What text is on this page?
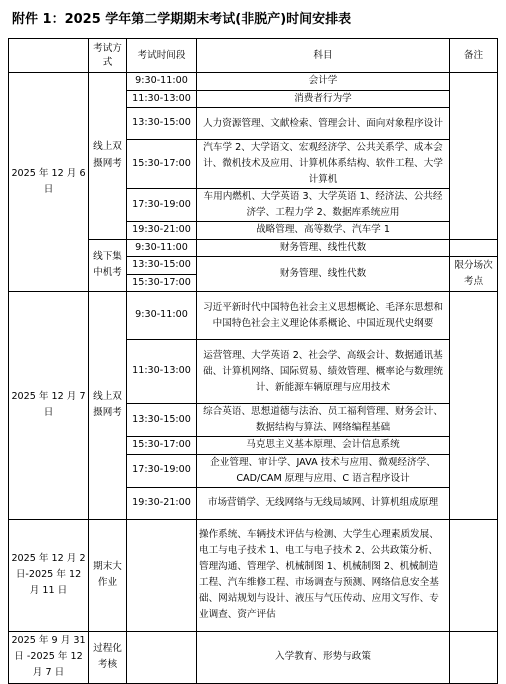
附件 1：2025 学年第二学期期末考试(非脱产)时间安排表
	考试方式	考试时间段	科目	备注
2025 年 12 月 6 日	线上双摄网考	9:30-11:00	会计学	
		11:30-13:00	消费者行为学	
		13:30-15:00	人力资源管理、文献检索、管理会计、面向对象程序设计	
		15:30-17:00	汽车学 2、大学语文、宏观经济学、公共关系学、成本会计、微机技术及应用、计算机体系结构、软件工程、大学计算机	
		17:30-19:00	车用内燃机、大学英语 3、大学英语 1、经济法、公共经济学、工程力学 2、数据库系统应用	
		19:30-21:00	战略管理、高等数学、汽车学 1	
	线下集中机考	9:30-11:00	财务管理、线性代数	
		13:30-15:00	财务管理、线性代数	限分场次考点
		15:30-17:00		
2025 年 12 月 7 日	线上双摄网考	9:30-11:00	习近平新时代中国特色社会主义思想概论、毛泽东思想和中国特色社会主义理论体系概论、中国近现代史纲要	
		11:30-13:00	运营管理、大学英语 2、社会学、高级会计、数据通讯基础、计算机网络、国际贸易、绩效管理、概率论与数理统计、新能源车辆原理与应用技术	
		13:30-15:00	综合英语、思想道德与法治、员工福利管理、财务会计、数据结构与算法、网络编程基础	
		15:30-17:00	马克思主义基本原理、会计信息系统	
		17:30-19:00	企业管理、审计学、JAVA 技术与应用、微观经济学、CAD/CAM 原理与应用、C 语言程序设计	
		19:30-21:00	市场营销学、无线网络与无线局域网、计算机组成原理	
2025 年 12 月 2 日-2025 年 12 月 11 日	期末大作业		操作系统、车辆技术评估与检测、大学生心理素质发展、电工与电子技术 1、电工与电子技术 2、公共政策分析、管理沟通、管理学、机械制图 1、机械制图 2、机械制造工程、汽车维修工程、市场调查与预测、网络信息安全基础、网站规划与设计、液压与气压传动、应用文写作、专业调查、资产评估	
2025 年 9 月 31 日 -2025 年 12 月 7 日	过程化考核		入学教育、形势与政策	
